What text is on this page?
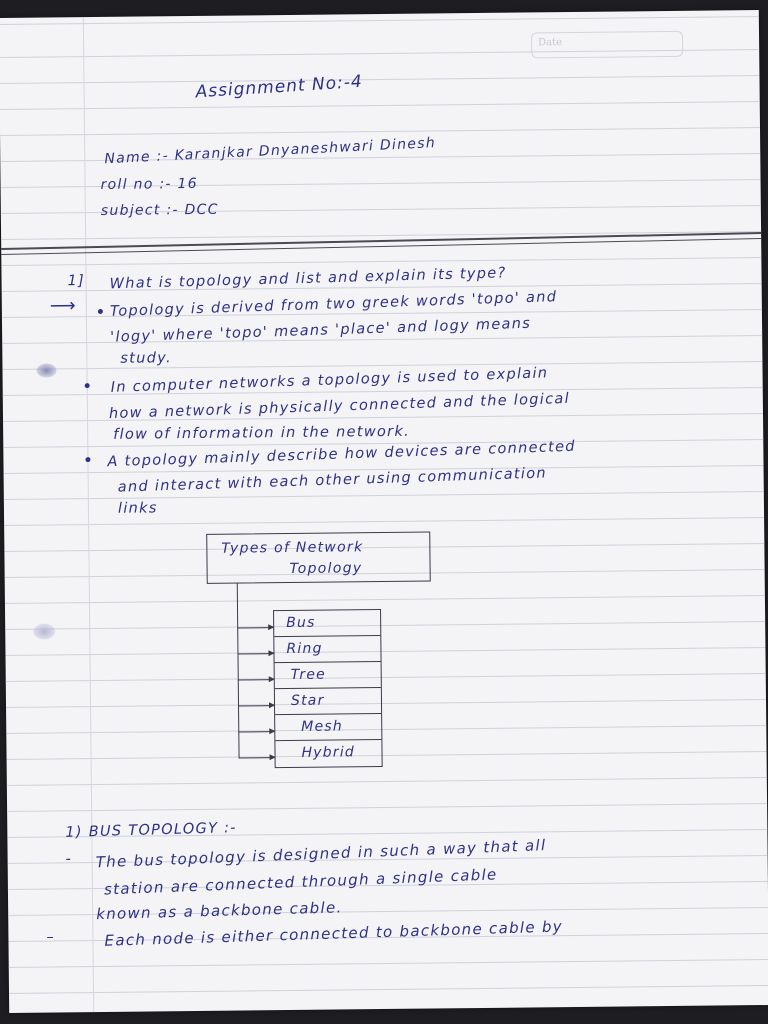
Date
Assignment No:-4
Name :- Karanjkar Dnyaneshwari Dinesh
roll no :- 16
subject :- DCC
1] What is topology and list and explain its type?
⟶ Topology is derived from two greek words 'topo' and
'logy' where 'topo' means 'place' and logy means
study.
In computer networks a topology is used to explain
how a network is physically connected and the logical
flow of information in the network.
A topology mainly describe how devices are connected
and interact with each other using communication
links
Types of Network
Topology
Bus
Ring
Tree
Star
Mesh
Hybrid
1) BUS TOPOLOGY :-
- The bus topology is designed in such a way that all
station are connected through a single cable
known as a backbone cable.
–	Each node is either connected to backbone cable by
